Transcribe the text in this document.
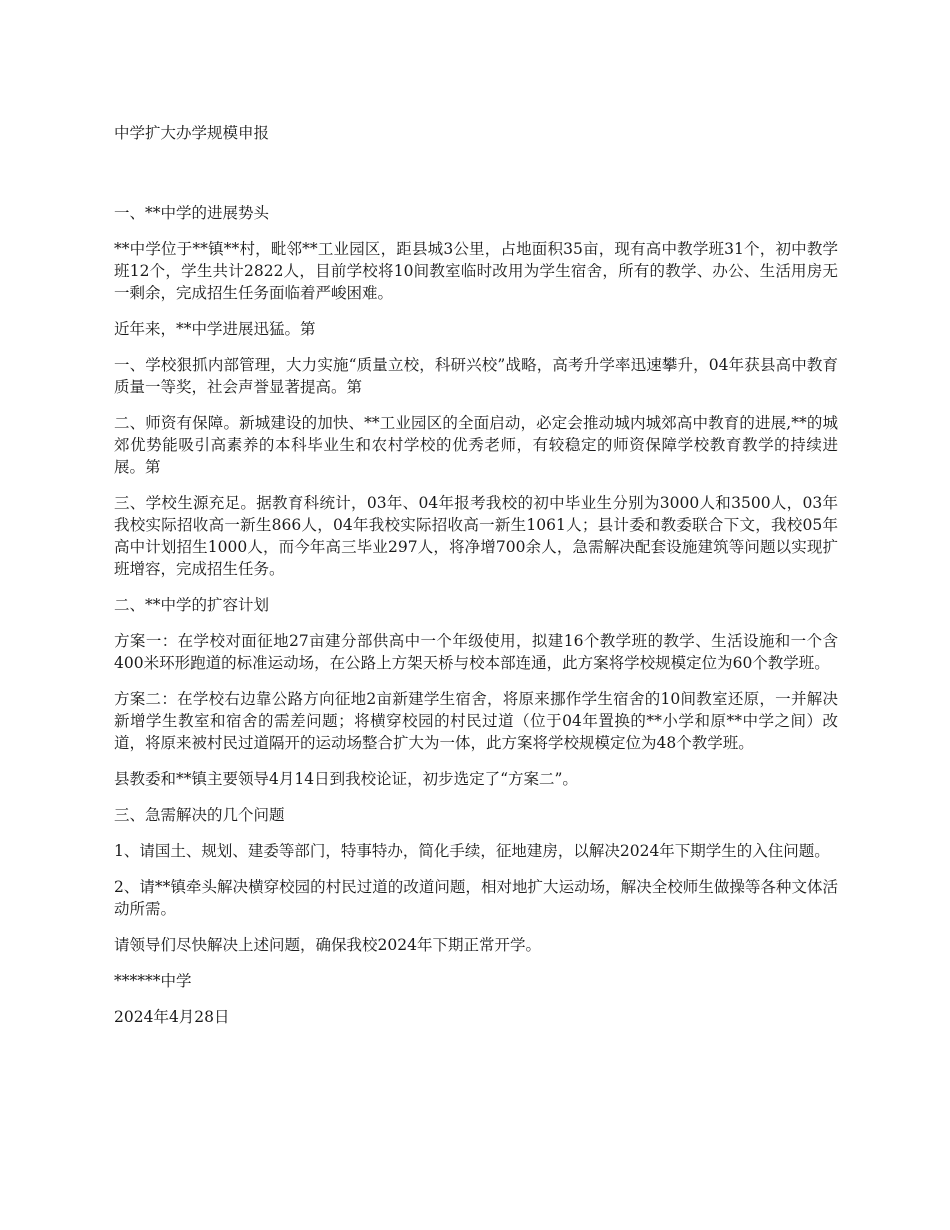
中学扩大办学规模申报

一、**中学的进展势头

**中学位于**镇**村，毗邻**工业园区，距县城3公里，占地面积35亩，现有高中教学班31个，初中教学班12个，学生共计2822人，目前学校将10间教室临时改用为学生宿舍，所有的教学、办公、生活用房无一剩余，完成招生任务面临着严峻困难。

近年来，**中学进展迅猛。第

一、学校狠抓内部管理，大力实施“质量立校，科研兴校”战略，高考升学率迅速攀升，04年获县高中教育质量一等奖，社会声誉显著提高。第

二、师资有保障。新城建设的加快、**工业园区的全面启动，必定会推动城内城郊高中教育的进展,**的城郊优势能吸引高素养的本科毕业生和农村学校的优秀老师，有较稳定的师资保障学校教育教学的持续进展。第

三、学校生源充足。据教育科统计，03年、04年报考我校的初中毕业生分别为3000人和3500人，03年我校实际招收高一新生866人，04年我校实际招收高一新生1061人；县计委和教委联合下文，我校05年高中计划招生1000人，而今年高三毕业297人，将净增700余人，急需解决配套设施建筑等问题以实现扩班增容，完成招生任务。

二、**中学的扩容计划

方案一：在学校对面征地27亩建分部供高中一个年级使用，拟建16个教学班的教学、生活设施和一个含400米环形跑道的标准运动场，在公路上方架天桥与校本部连通，此方案将学校规模定位为60个教学班。

方案二：在学校右边靠公路方向征地2亩新建学生宿舍，将原来挪作学生宿舍的10间教室还原，一并解决新增学生教室和宿舍的需差问题；将横穿校园的村民过道（位于04年置换的**小学和原**中学之间）改道，将原来被村民过道隔开的运动场整合扩大为一体，此方案将学校规模定位为48个教学班。

县教委和**镇主要领导4月14日到我校论证，初步选定了“方案二”。

三、急需解决的几个问题

1、请国土、规划、建委等部门，特事特办，简化手续，征地建房，以解决2024年下期学生的入住问题。

2、请**镇牵头解决横穿校园的村民过道的改道问题，相对地扩大运动场，解决全校师生做操等各种文体活动所需。

请领导们尽快解决上述问题，确保我校2024年下期正常开学。

******中学

2024年4月28日
